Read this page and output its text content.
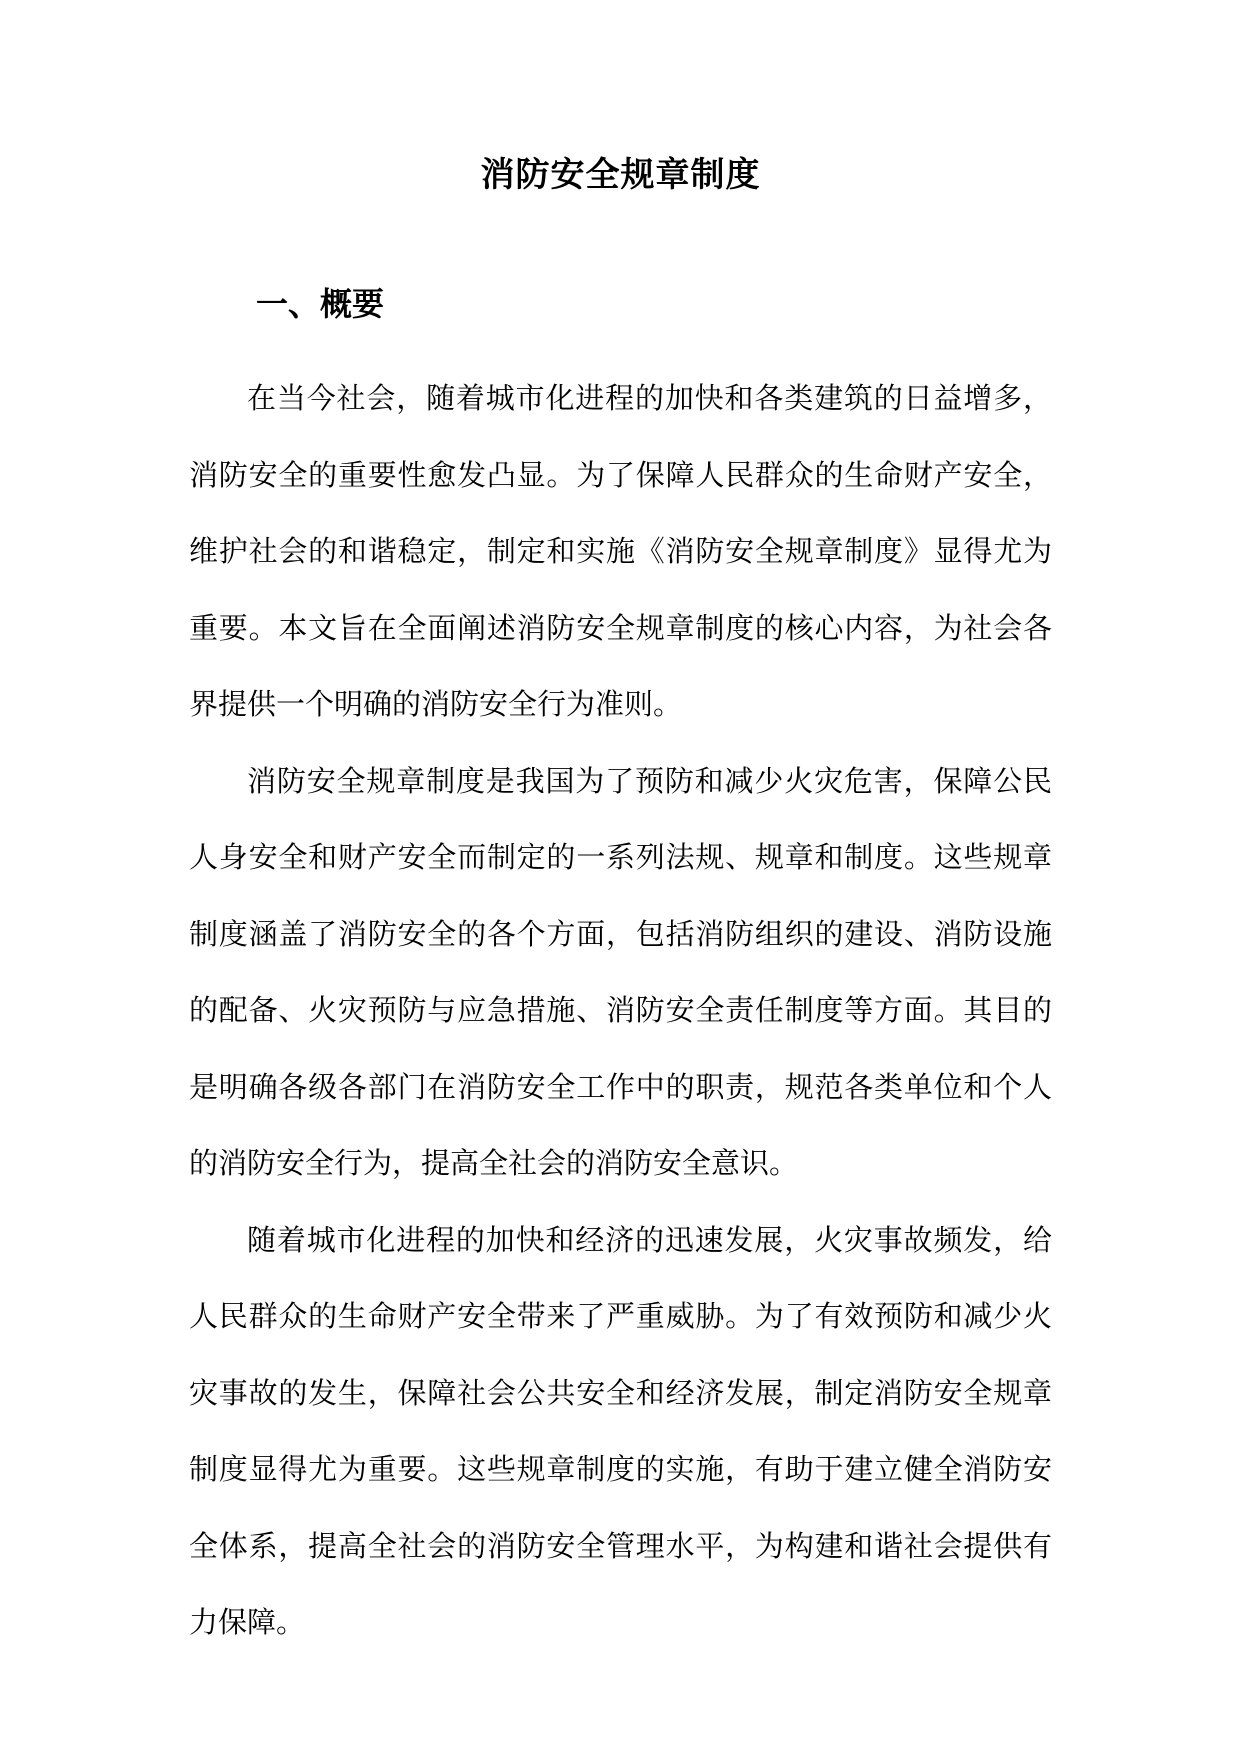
消防安全规章制度
一、概要

在当今社会，随着城市化进程的加快和各类建筑的日益增多，消防安全的重要性愈发凸显。为了保障人民群众的生命财产安全，维护社会的和谐稳定，制定和实施《消防安全规章制度》显得尤为重要。本文旨在全面阐述消防安全规章制度的核心内容，为社会各界提供一个明确的消防安全行为准则。

消防安全规章制度是我国为了预防和减少火灾危害，保障公民人身安全和财产安全而制定的一系列法规、规章和制度。这些规章制度涵盖了消防安全的各个方面，包括消防组织的建设、消防设施的配备、火灾预防与应急措施、消防安全责任制度等方面。其目的是明确各级各部门在消防安全工作中的职责，规范各类单位和个人的消防安全行为，提高全社会的消防安全意识。

随着城市化进程的加快和经济的迅速发展，火灾事故频发，给人民群众的生命财产安全带来了严重威胁。为了有效预防和减少火灾事故的发生，保障社会公共安全和经济发展，制定消防安全规章制度显得尤为重要。这些规章制度的实施，有助于建立健全消防安全体系，提高全社会的消防安全管理水平，为构建和谐社会提供有力保障。
